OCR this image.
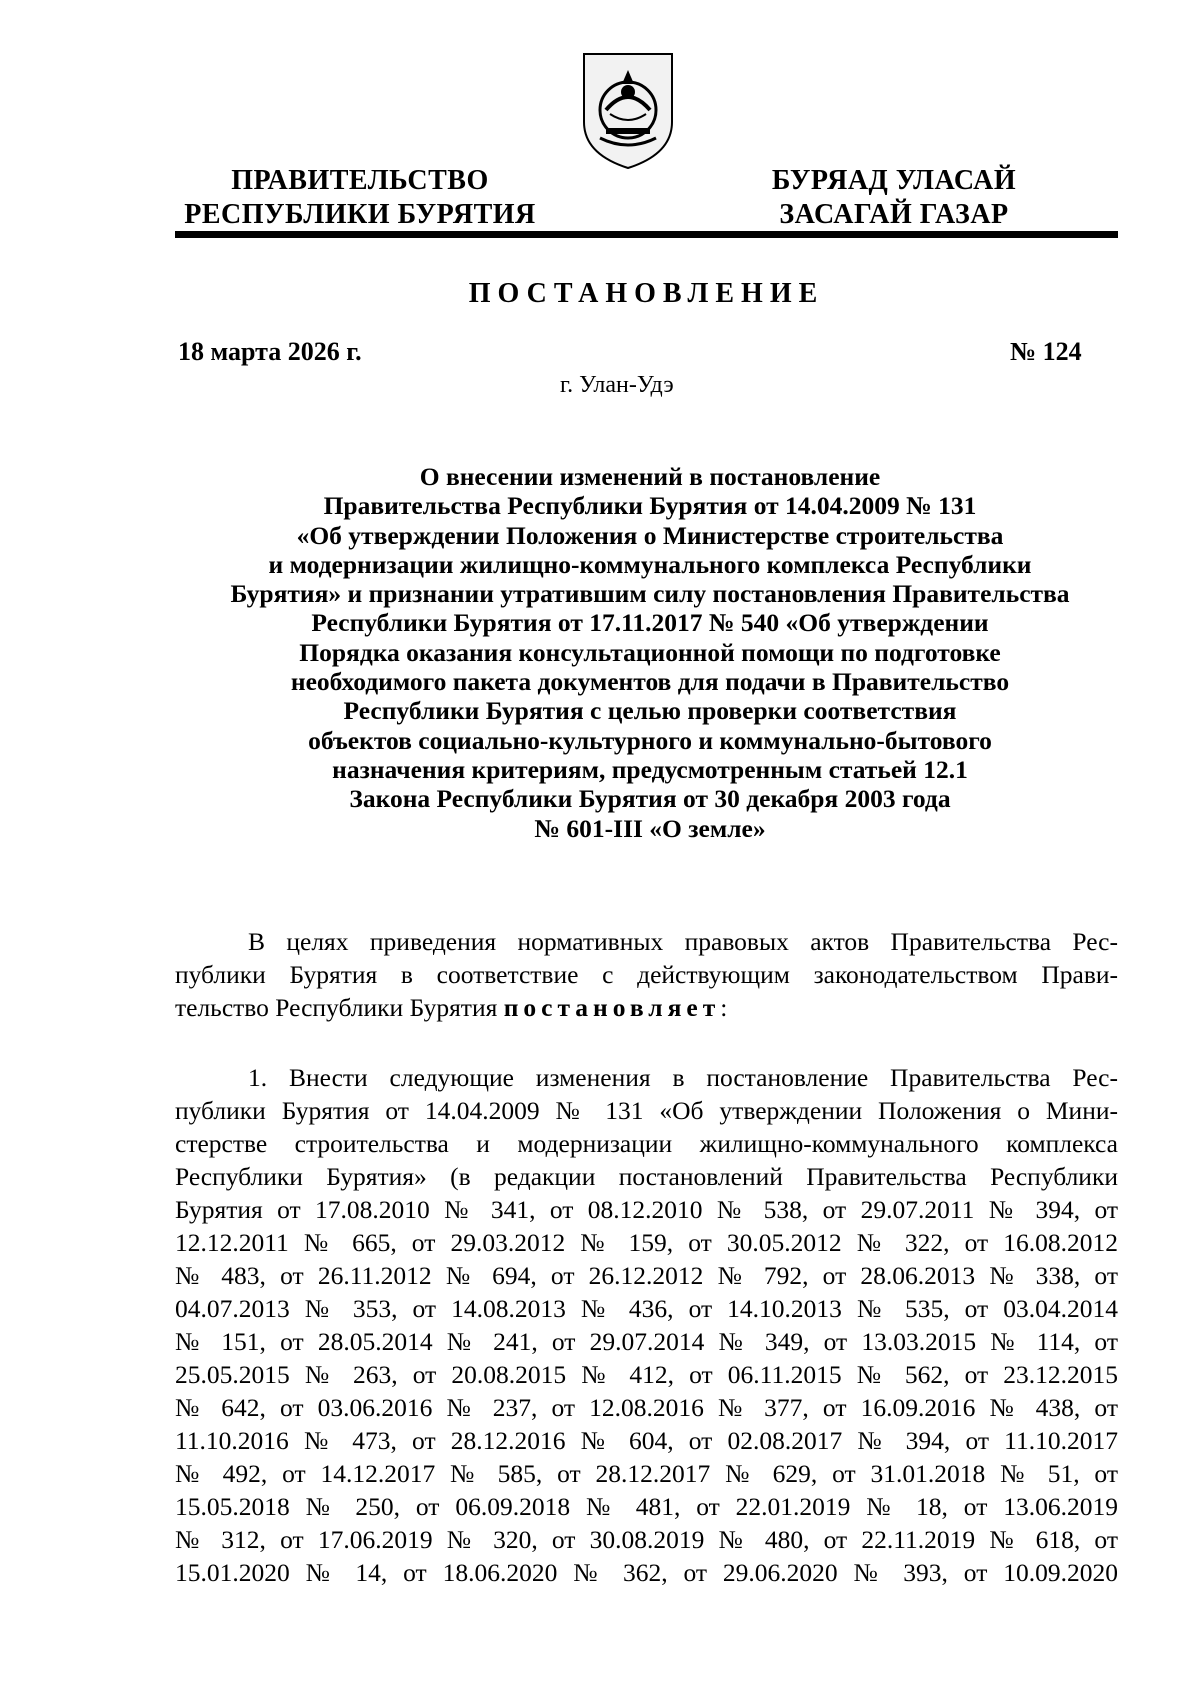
ПРАВИТЕЛЬСТВО
РЕСПУБЛИКИ БУРЯТИЯ
БУРЯАД УЛАСАЙ
ЗАСАГАЙ ГАЗАР
ПОСТАНОВЛЕНИЕ
18 марта 2026 г.	№ 124
г. Улан-Удэ
О внесении изменений в постановление
Правительства Республики Бурятия от 14.04.2009 № 131
«Об утверждении Положения о Министерстве строительства
и модернизации жилищно-коммунального комплекса Республики
Бурятия» и признании утратившим силу постановления Правительства
Республики Бурятия от 17.11.2017 № 540 «Об утверждении
Порядка оказания консультационной помощи по подготовке
необходимого пакета документов для подачи в Правительство
Республики Бурятия с целью проверки соответствия
объектов социально-культурного и коммунально-бытового
назначения критериям, предусмотренным статьей 12.1
Закона Республики Бурятия от 30 декабря 2003 года
№ 601-III «О земле»
В целях приведения нормативных правовых актов Правительства Рес-
публики Бурятия в соответствие с действующим законодательством Прави-
тельство Республики Бурятия постановляет:
1. Внести следующие изменения в постановление Правительства Рес-
публики Бурятия от 14.04.2009 № 131 «Об утверждении Положения о Мини-
стерстве строительства и модернизации жилищно-коммунального комплекса
Республики Бурятия» (в редакции постановлений Правительства Республики
Бурятия от 17.08.2010 № 341, от 08.12.2010 № 538, от 29.07.2011 № 394, от
12.12.2011 № 665, от 29.03.2012 № 159, от 30.05.2012 № 322, от 16.08.2012
№ 483, от 26.11.2012 № 694, от 26.12.2012 № 792, от 28.06.2013 № 338, от
04.07.2013 № 353, от 14.08.2013 № 436, от 14.10.2013 № 535, от 03.04.2014
№ 151, от 28.05.2014 № 241, от 29.07.2014 № 349, от 13.03.2015 № 114, от
25.05.2015 № 263, от 20.08.2015 № 412, от 06.11.2015 № 562, от 23.12.2015
№ 642, от 03.06.2016 № 237, от 12.08.2016 № 377, от 16.09.2016 № 438, от
11.10.2016 № 473, от 28.12.2016 № 604, от 02.08.2017 № 394, от 11.10.2017
№ 492, от 14.12.2017 № 585, от 28.12.2017 № 629, от 31.01.2018 № 51, от
15.05.2018 № 250, от 06.09.2018 № 481, от 22.01.2019 № 18, от 13.06.2019
№ 312, от 17.06.2019 № 320, от 30.08.2019 № 480, от 22.11.2019 № 618, от
15.01.2020 № 14, от 18.06.2020 № 362, от 29.06.2020 № 393, от 10.09.2020
